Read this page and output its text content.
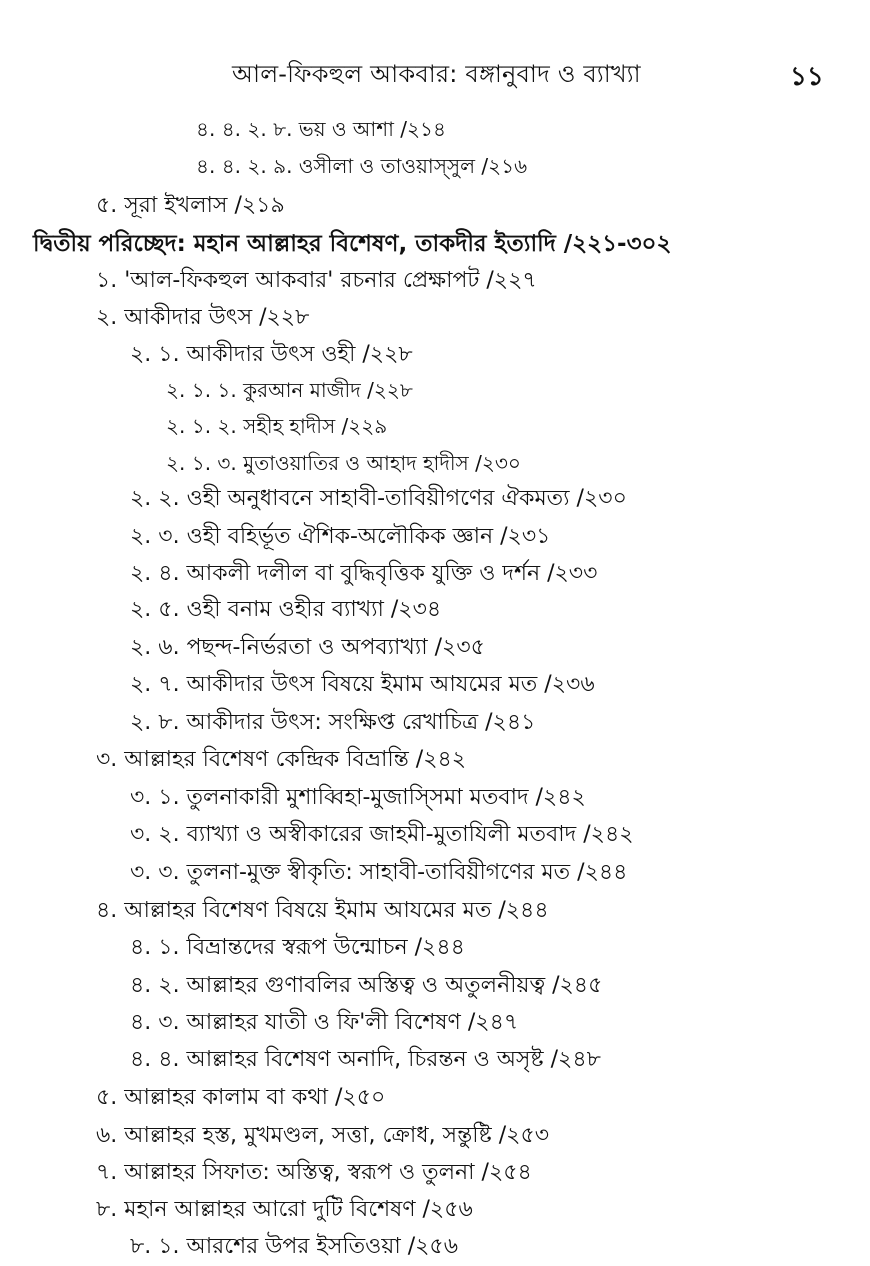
আল-ফিকহুল আকবার: বঙ্গানুবাদ ও ব্যাখ্যা	১১
৪. ৪. ২. ৮. ভয় ও আশা /২১৪
৪. ৪. ২. ৯. ওসীলা ও তাওয়াস্সুল /২১৬
৫. সূরা ইখলাস /২১৯
দ্বিতীয় পরিচ্ছেদ: মহান আল্লাহর বিশেষণ, তাকদীর ইত্যাদি /২২১-৩০২
১. 'আল-ফিকহুল আকবার' রচনার প্রেক্ষাপট /২২৭
২. আকীদার উৎস /২২৮
২. ১. আকীদার উৎস ওহী /২২৮
২. ১. ১. কুরআন মাজীদ /২২৮
২. ১. ২. সহীহ হাদীস /২২৯
২. ১. ৩. মুতাওয়াতির ও আহাদ হাদীস /২৩০
২. ২. ওহী অনুধাবনে সাহাবী-তাবিয়ীগণের ঐকমত্য /২৩০
২. ৩. ওহী বহির্ভূত ঐশিক-অলৌকিক জ্ঞান /২৩১
২. ৪. আকলী দলীল বা বুদ্ধিবৃত্তিক যুক্তি ও দর্শন /২৩৩
২. ৫. ওহী বনাম ওহীর ব্যাখ্যা /২৩৪
২. ৬. পছন্দ-নির্ভরতা ও অপব্যাখ্যা /২৩৫
২. ৭. আকীদার উৎস বিষয়ে ইমাম আযমের মত /২৩৬
২. ৮. আকীদার উৎস: সংক্ষিপ্ত রেখাচিত্র /২৪১
৩. আল্লাহর বিশেষণ কেন্দ্রিক বিভ্রান্তি /২৪২
৩. ১. তুলনাকারী মুশাব্বিহা-মুজাস্সিমা মতবাদ /২৪২
৩. ২. ব্যাখ্যা ও অস্বীকারের জাহমী-মুতাযিলী মতবাদ /২৪২
৩. ৩. তুলনা-মুক্ত স্বীকৃতি: সাহাবী-তাবিয়ীগণের মত /২৪৪
৪. আল্লাহর বিশেষণ বিষয়ে ইমাম আযমের মত /২৪৪
৪. ১. বিভ্রান্তদের স্বরূপ উন্মোচন /২৪৪
৪. ২. আল্লাহর গুণাবলির অস্তিত্ব ও অতুলনীয়ত্ব /২৪৫
৪. ৩. আল্লাহর যাতী ও ফি'লী বিশেষণ /২৪৭
৪. ৪. আল্লাহর বিশেষণ অনাদি, চিরন্তন ও অসৃষ্ট /২৪৮
৫. আল্লাহর কালাম বা কথা /২৫০
৬. আল্লাহর হস্ত, মুখমণ্ডল, সত্তা, ক্রোধ, সন্তুষ্টি /২৫৩
৭. আল্লাহর সিফাত: অস্তিত্ব, স্বরূপ ও তুলনা /২৫৪
৮. মহান আল্লাহর আরো দুটি বিশেষণ /২৫৬
৮. ১. আরশের উপর ইসতিওয়া /২৫৬
